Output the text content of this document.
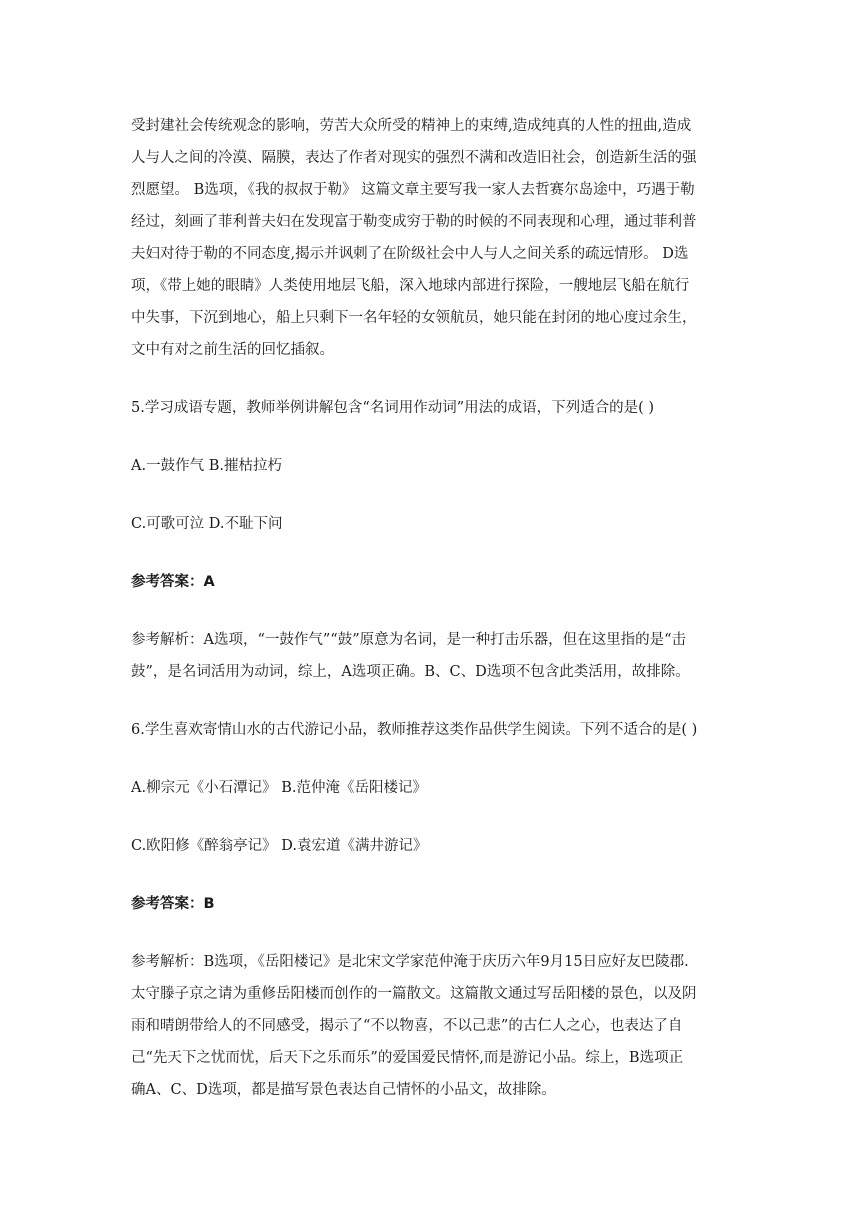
受封建社会传统观念的影响，劳苦大众所受的精神上的束缚,造成纯真的人性的扭曲,造成
人与人之间的冷漠、隔膜，表达了作者对现实的强烈不满和改造旧社会，创造新生活的强
烈愿望。 B选项，《我的叔叔于勒》 这篇文章主要写我一家人去哲赛尔岛途中，巧遇于勒
经过，刻画了菲利普夫妇在发现富于勒变成穷于勒的时候的不同表现和心理，通过菲利普
夫妇对待于勒的不同态度,揭示并讽刺了在阶级社会中人与人之间关系的疏远情形。 D选
项，《带上她的眼睛》人类使用地层飞船，深入地球内部进行探险，一艘地层飞船在航行
中失事，下沉到地心，船上只剩下一名年轻的女领航员，她只能在封闭的地心度过余生，
文中有对之前生活的回忆插叙。

5.学习成语专题，教师举例讲解包含“名词用作动词”用法的成语，下列适合的是( )

A.一鼓作气 B.摧枯拉朽

C.可歌可泣 D.不耻下问

参考答案：A

参考解析：A选项，“一鼓作气”“鼓”原意为名词，是一种打击乐器，但在这里指的是“击
鼓”，是名词活用为动词，综上，A选项正确。B、C、D选项不包含此类活用，故排除。

6.学生喜欢寄情山水的古代游记小品，教师推荐这类作品供学生阅读。下列不适合的是( )

A.柳宗元《小石潭记》 B.范仲淹《岳阳楼记》

C.欧阳修《醉翁亭记》 D.袁宏道《满井游记》

参考答案：B

参考解析：B选项，《岳阳楼记》是北宋文学家范仲淹于庆历六年9月15日应好友巴陵郡.
太守滕子京之请为重修岳阳楼而创作的一篇散文。这篇散文通过写岳阳楼的景色，以及阴
雨和晴朗带给人的不同感受，揭示了“不以物喜，不以己悲”的古仁人之心，也表达了自
己“先天下之忧而忧，后天下之乐而乐”的爱国爱民情怀,而是游记小品。综上，B选项正
确A、C、D选项，都是描写景色表达自己情怀的小品文，故排除。
